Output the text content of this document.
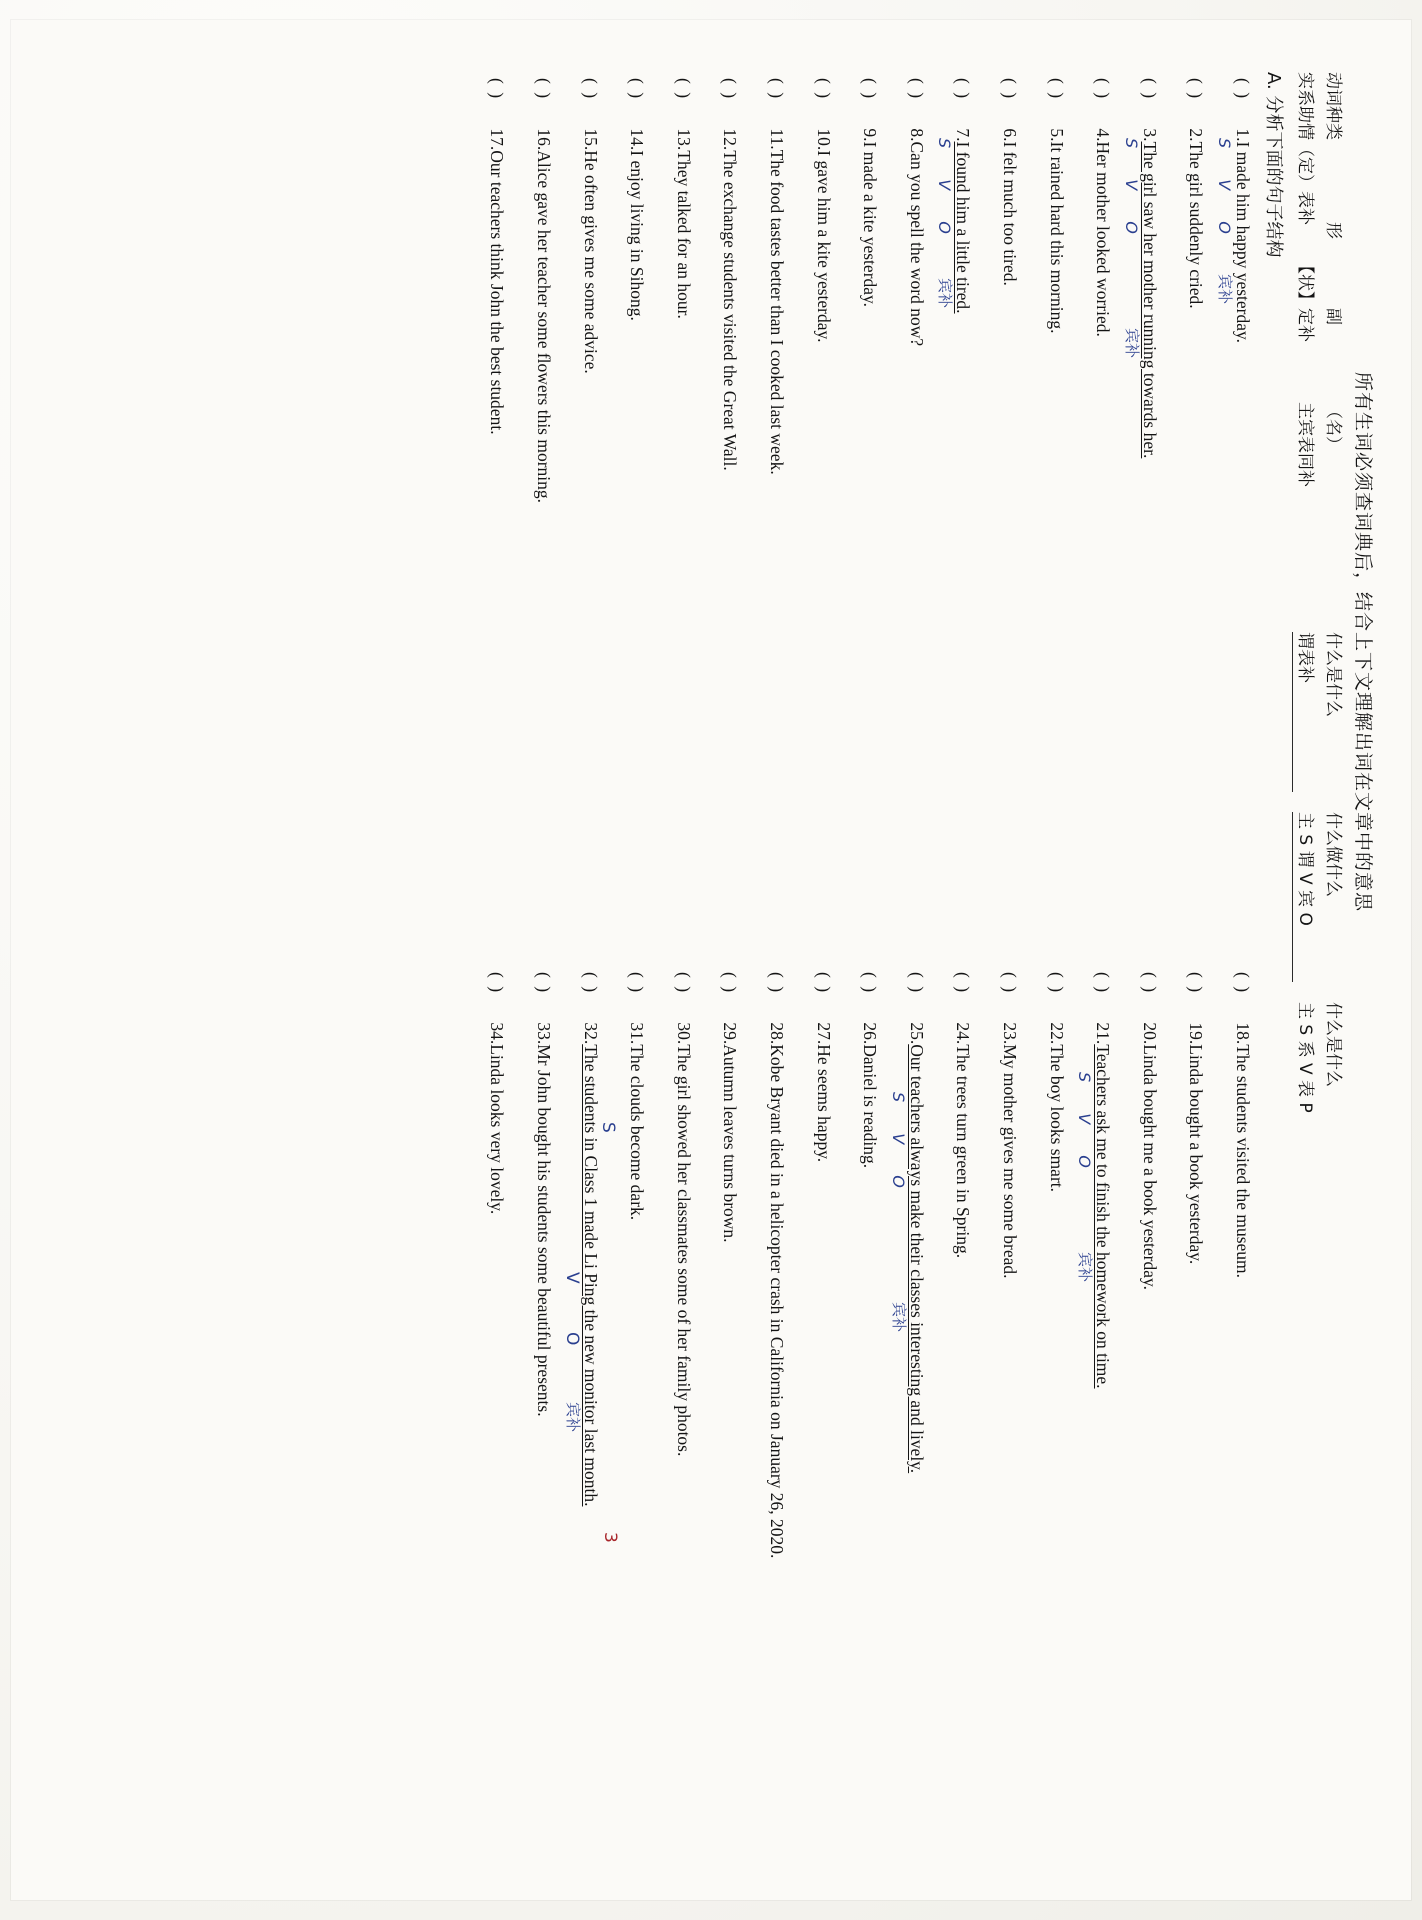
所有生词必须查词典后，结合上下文理解出词在文章中的意思
动词种类
形
副
（名）
什么是什么
什么做什么
什么是什么
实系助情（定）表补
【状】定补
主宾表同补
谓表补
主 S 谓 V 宾 O
主 S 系 V 表 P
A. 分析下面的句子结构
( ) 1.I made him happy yesterday.
S V O
宾补
( ) 2.The girl suddenly cried.
( ) 3.The girl saw her mother running towards her.
S V O
宾补
( ) 4.Her mother looked worried.
( ) 5.It rained hard this morning.
( ) 6.I felt much too tired.
( ) 7.I found him a little tired.
S V O
宾补
( ) 8.Can you spell the word now?
( ) 9.I made a kite yesterday.
( ) 10.I gave him a kite yesterday.
( ) 11.The food tastes better than I cooked last week.
( ) 12.The exchange students visited the Great Wall.
( ) 13.They talked for an hour.
( ) 14.I enjoy living in Sihong.
( ) 15.He often gives me some advice.
( ) 16.Alice gave her teacher some flowers this morning.
( ) 17.Our teachers think John the best student.
( ) 18.The students visited the museum.
( ) 19.Linda bought a book yesterday.
( ) 20.Linda bought me a book yesterday.
( ) 21.Teachers ask me to finish the homework on time.
S V O
宾补
( ) 22.The boy looks smart.
( ) 23.My mother gives me some bread.
( ) 24.The trees turn green in Spring.
( ) 25.Our teachers always make their classes interesting and lively.
S V O
宾补
( ) 26.Daniel is reading.
( ) 27.He seems happy.
( ) 28.Kobe Bryant died in a helicopter crash in California on January 26, 2020.
( ) 29.Autumn leaves turns brown.
( ) 30.The girl showed her classmates some of her family photos.
( ) 31.The clouds become dark.
( ) 32.The students in Class 1 made Li Ping the new monitor last month.
S
V
O
宾补
3
( ) 33.Mr John bought his students some beautiful presents.
( ) 34.Linda looks very lovely.
